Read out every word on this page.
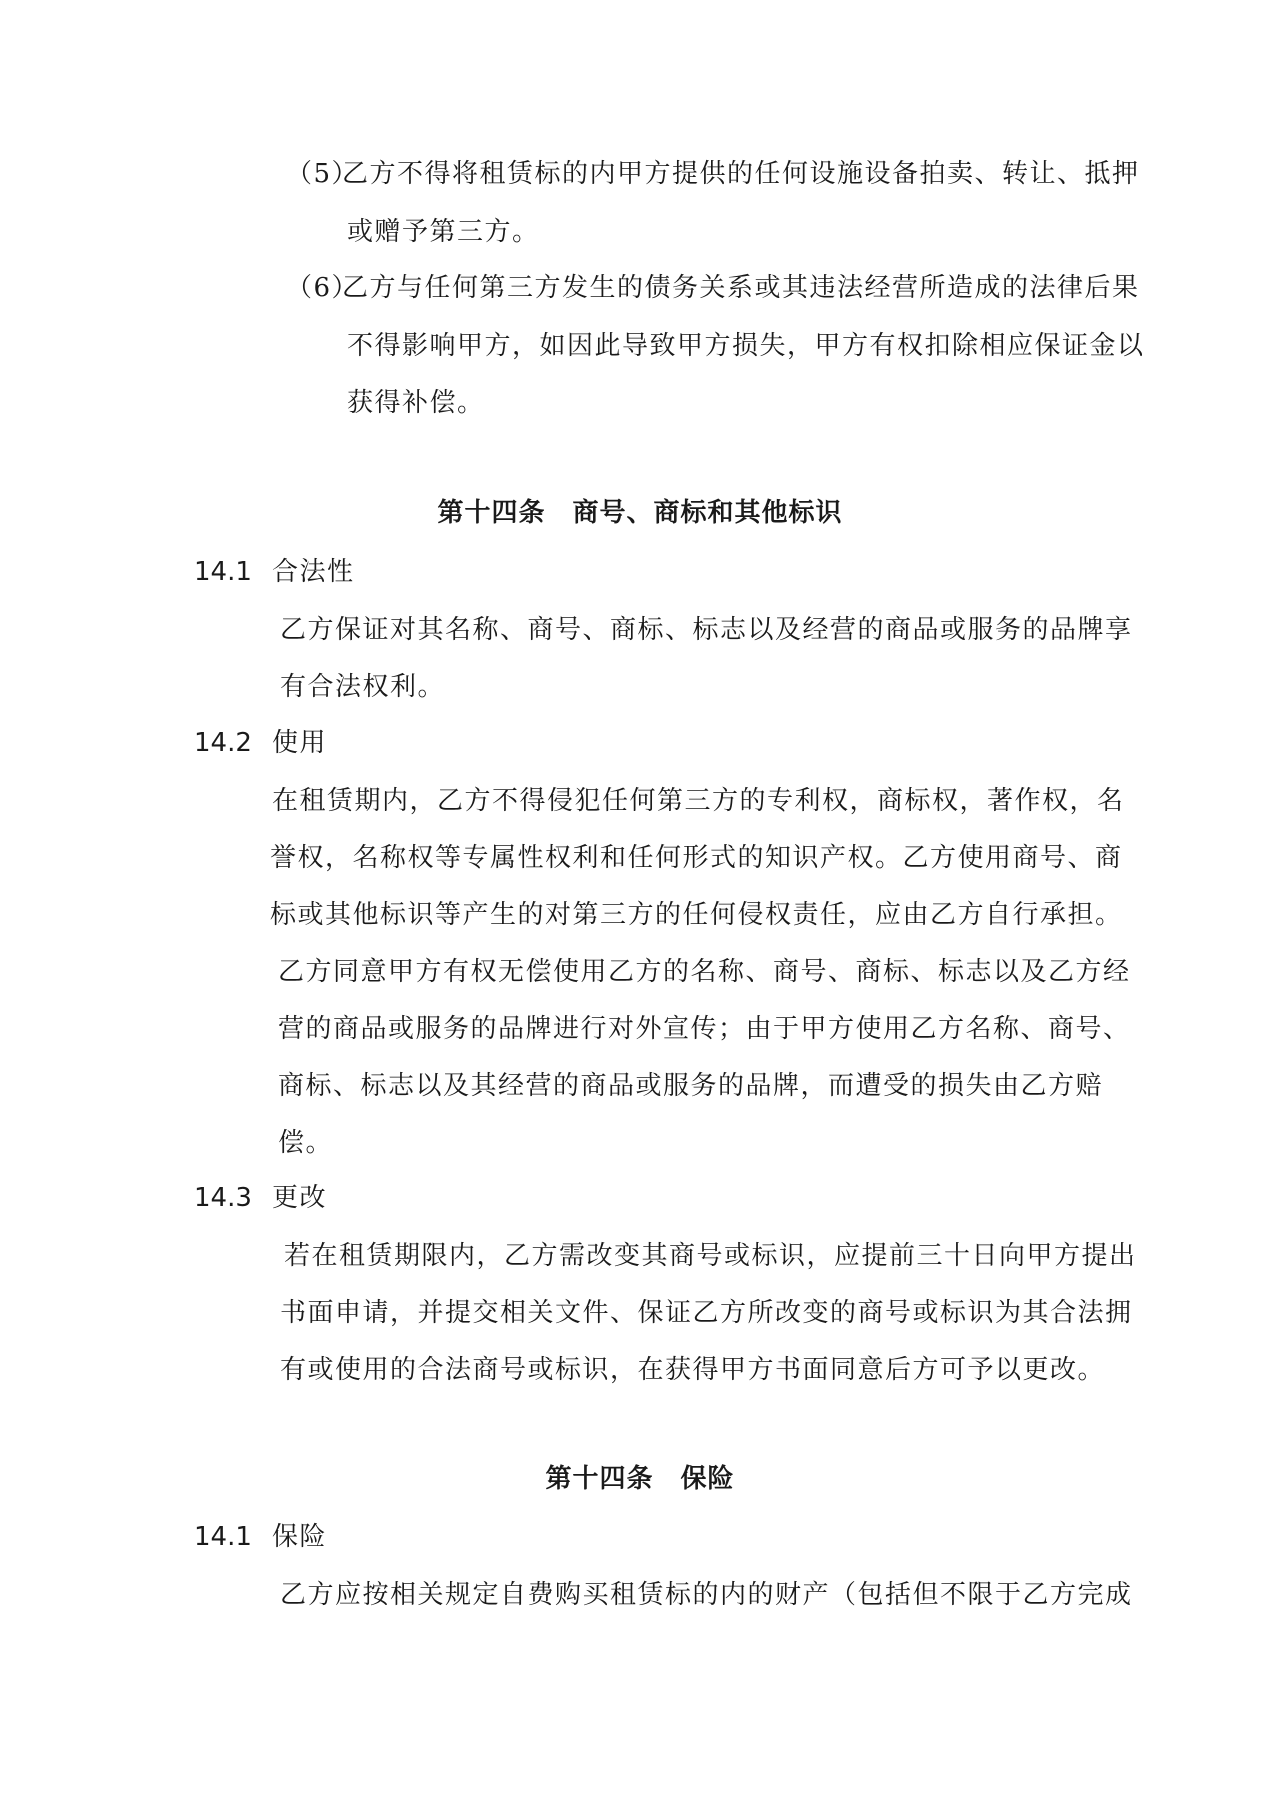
（5）
乙方不得将租赁标的内甲方提供的任何设施设备拍卖、转让、抵押
或赠予第三方。
（6）
乙方与任何第三方发生的债务关系或其违法经营所造成的法律后果
不得影响甲方，如因此导致甲方损失，甲方有权扣除相应保证金以
获得补偿。
第十四条　商号、商标和其他标识
14.1 合法性
乙方保证对其名称、商号、商标、标志以及经营的商品或服务的品牌享
有合法权利。
14.2 使用
在租赁期内，乙方不得侵犯任何第三方的专利权，商标权，著作权，名
誉权，名称权等专属性权利和任何形式的知识产权。乙方使用商号、商
标或其他标识等产生的对第三方的任何侵权责任，应由乙方自行承担。
乙方同意甲方有权无偿使用乙方的名称、商号、商标、标志以及乙方经
营的商品或服务的品牌进行对外宣传；由于甲方使用乙方名称、商号、
商标、标志以及其经营的商品或服务的品牌，而遭受的损失由乙方赔
偿。
14.3 更改
若在租赁期限内，乙方需改变其商号或标识，应提前三十日向甲方提出
书面申请，并提交相关文件、保证乙方所改变的商号或标识为其合法拥
有或使用的合法商号或标识，在获得甲方书面同意后方可予以更改。
第十四条　保险
14.1 保险
乙方应按相关规定自费购买租赁标的内的财产（包括但不限于乙方完成
